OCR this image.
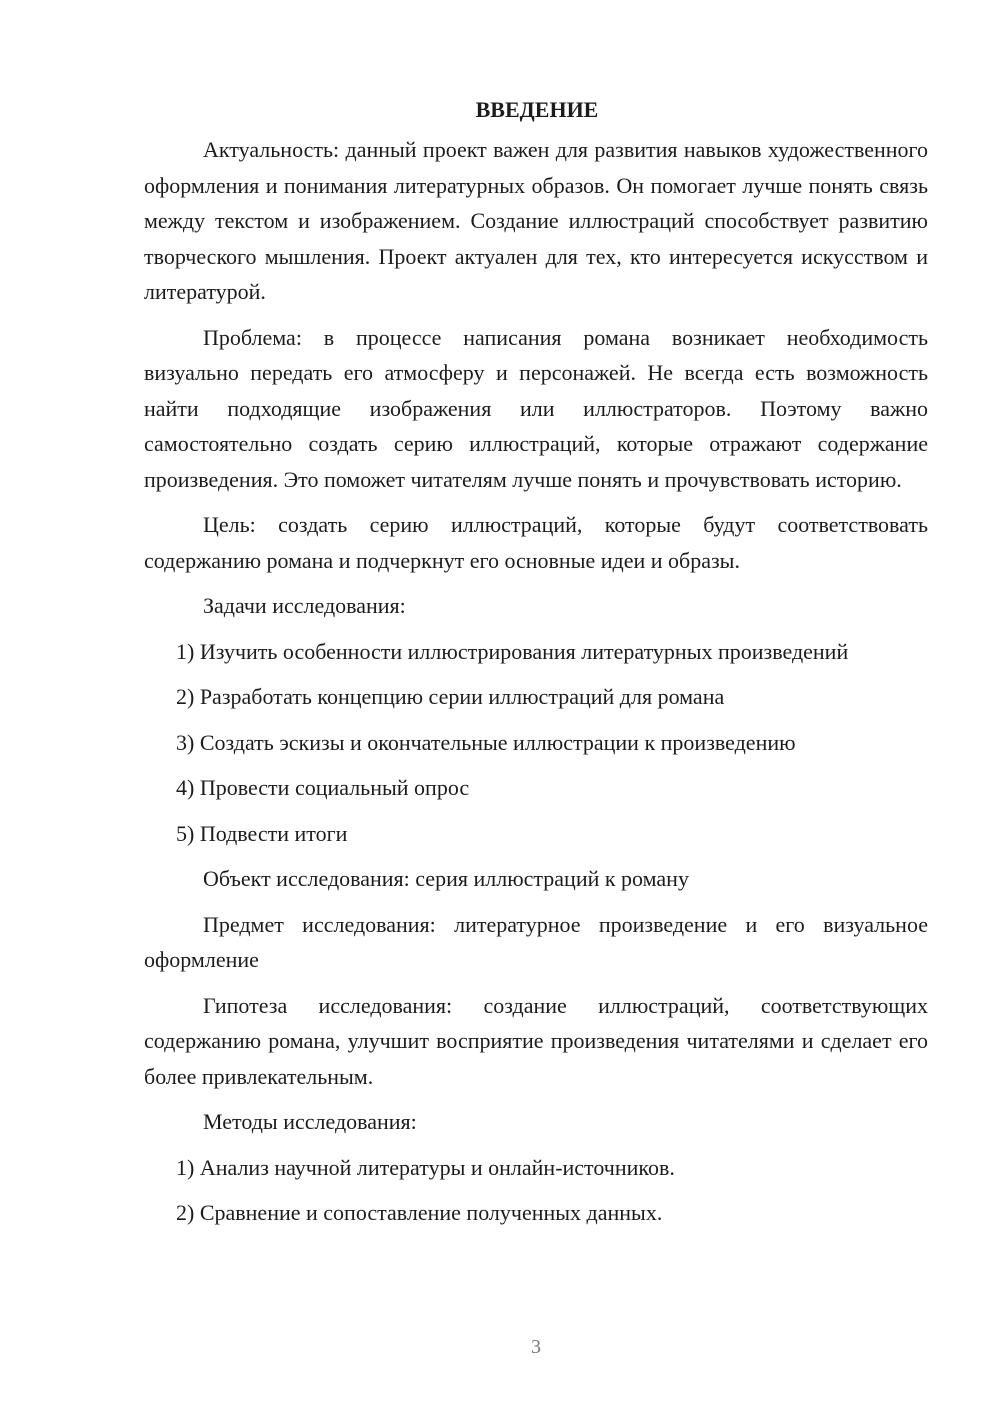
ВВЕДЕНИЕ

Актуальность: данный проект важен для развития навыков художественного оформления и понимания литературных образов. Он помогает лучше понять связь между текстом и изображением. Создание иллюстраций способствует развитию творческого мышления. Проект актуален для тех, кто интересуется искусством и литературой.

Проблема: в процессе написания романа возникает необходимость визуально передать его атмосферу и персонажей. Не всегда есть возможность найти подходящие изображения или иллюстраторов. Поэтому важно самостоятельно создать серию иллюстраций, которые отражают содержание произведения. Это поможет читателям лучше понять и прочувствовать историю.

Цель: создать серию иллюстраций, которые будут соответствовать содержанию романа и подчеркнут его основные идеи и образы.

Задачи исследования:

1) Изучить особенности иллюстрирования литературных произведений

2) Разработать концепцию серии иллюстраций для романа

3) Создать эскизы и окончательные иллюстрации к произведению

4) Провести социальный опрос

5) Подвести итоги

Объект исследования: серия иллюстраций к роману

Предмет исследования: литературное произведение и его визуальное оформление

Гипотеза исследования: создание иллюстраций, соответствующих содержанию романа, улучшит восприятие произведения читателями и сделает его более привлекательным.

Методы исследования:

1) Анализ научной литературы и онлайн-источников.

2) Сравнение и сопоставление полученных данных.

3
